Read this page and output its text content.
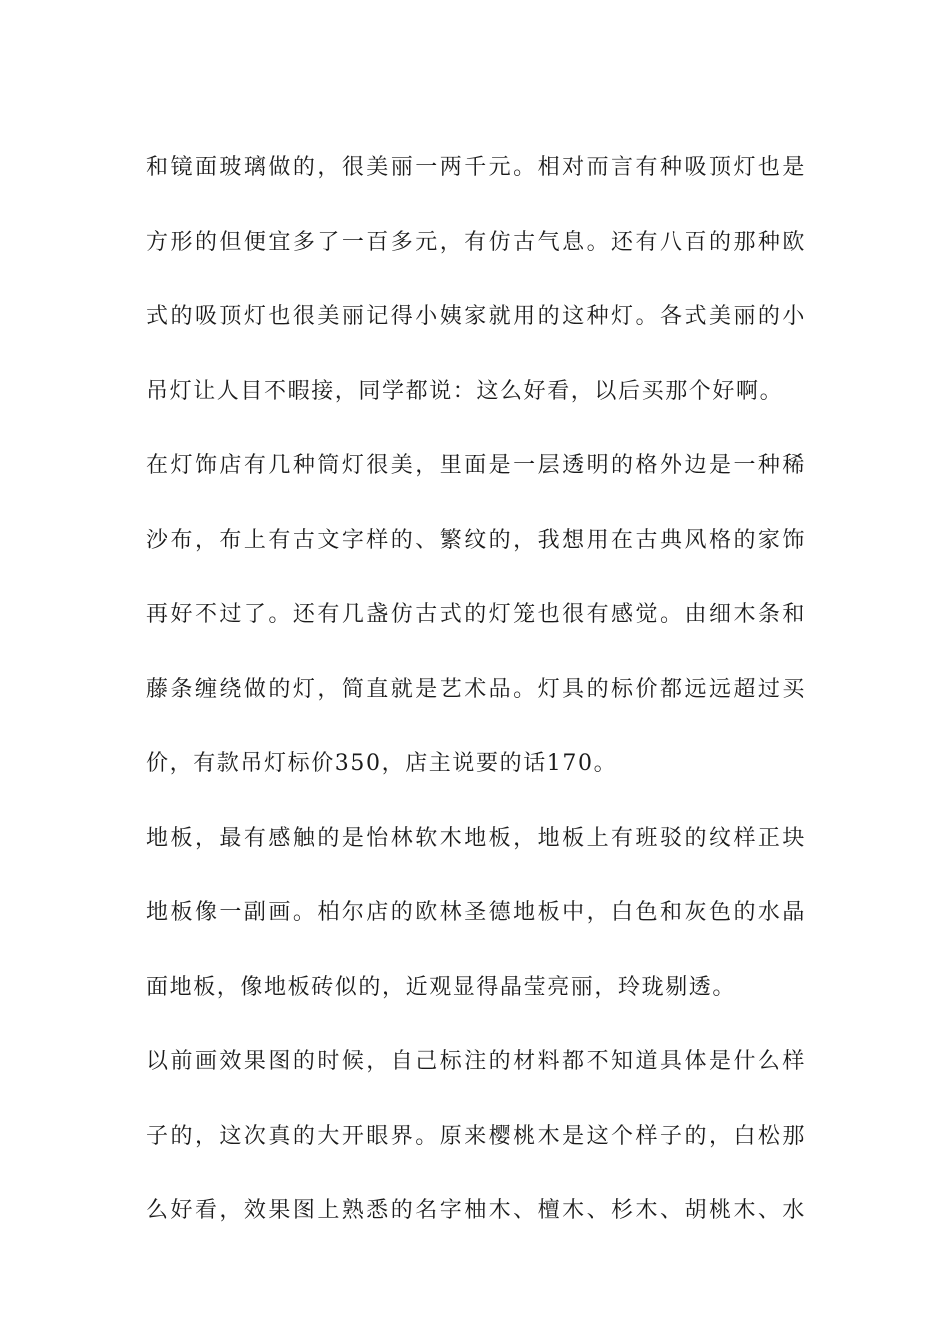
和镜面玻璃做的，很美丽一两千元。相对而言有种吸顶灯也是
方形的但便宜多了一百多元，有仿古气息。还有八百的那种欧
式的吸顶灯也很美丽记得小姨家就用的这种灯。各式美丽的小
吊灯让人目不暇接，同学都说：这么好看，以后买那个好啊。
在灯饰店有几种筒灯很美，里面是一层透明的格外边是一种稀
沙布，布上有古文字样的、繁纹的，我想用在古典风格的家饰
再好不过了。还有几盏仿古式的灯笼也很有感觉。由细木条和
藤条缠绕做的灯，简直就是艺术品。灯具的标价都远远超过买
价，有款吊灯标价350，店主说要的话170。
地板，最有感触的是怡林软木地板，地板上有班驳的纹样正块
地板像一副画。柏尔店的欧林圣德地板中，白色和灰色的水晶
面地板，像地板砖似的，近观显得晶莹亮丽，玲珑剔透。
以前画效果图的时候，自己标注的材料都不知道具体是什么样
子的，这次真的大开眼界。原来樱桃木是这个样子的，白松那
么好看，效果图上熟悉的名字柚木、檀木、杉木、胡桃木、水
